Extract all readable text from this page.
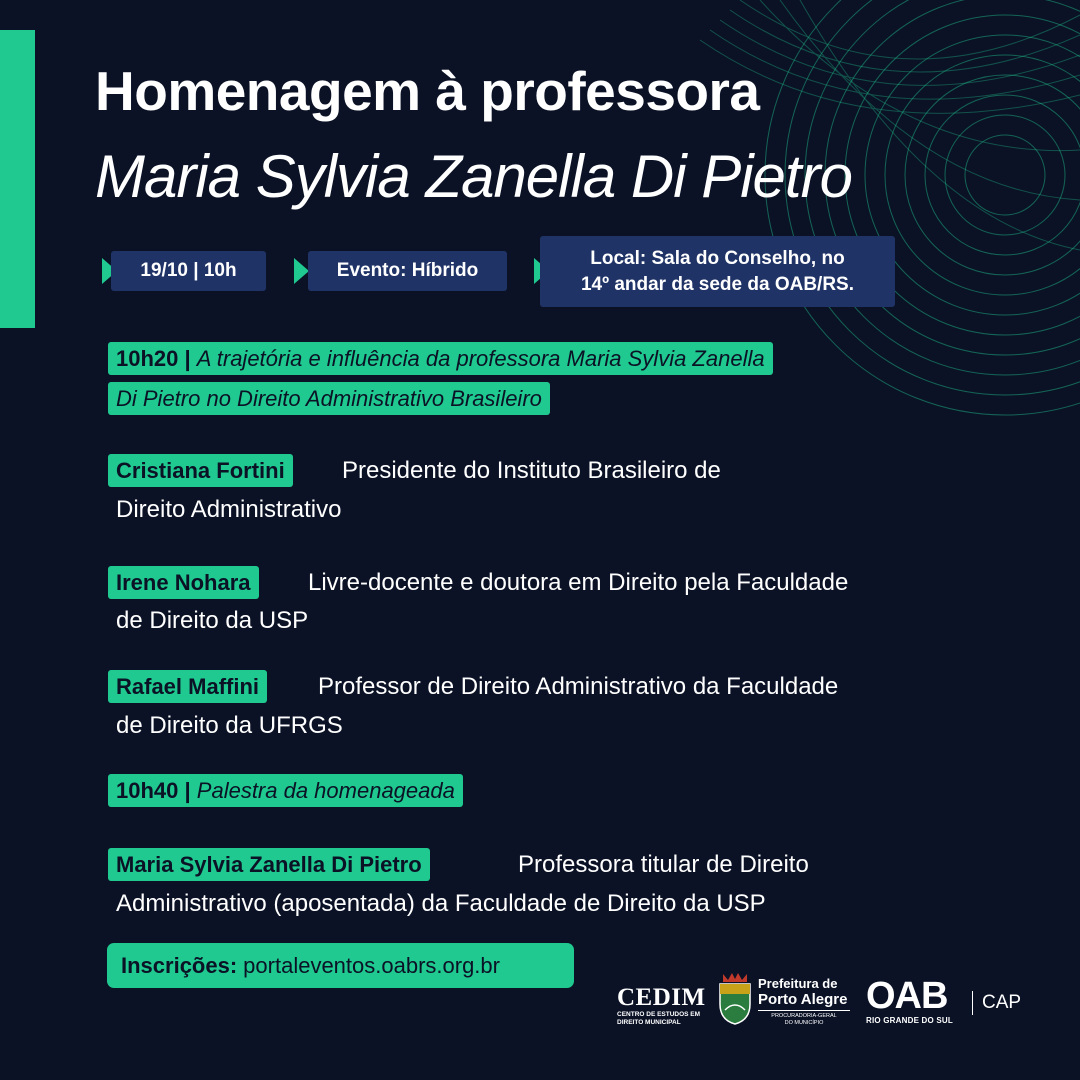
Homenagem à professora
Maria Sylvia Zanella Di Pietro
19/10 | 10h	Evento: Híbrido
Local: Sala do Conselho, no
14º andar da sede da OAB/RS.
10h20 | A trajetória e influência da professora Maria Sylvia Zanella
Di Pietro no Direito Administrativo Brasileiro
Cristiana Fortini	Presidente do Instituto Brasileiro de
Direito Administrativo
Irene Nohara	Livre-docente e doutora em Direito pela Faculdade
de Direito da USP
Rafael Maffini	Professor de Direito Administrativo da Faculdade
de Direito da UFRGS
10h40 | Palestra da homenageada
Maria Sylvia Zanella Di Pietro	Professora titular de Direito
Administrativo (aposentada) da Faculdade de Direito da USP
Inscrições: portaleventos.oabrs.org.br
CEDIM
CENTRO DE ESTUDOS EM
DIREITO MUNICIPAL
Prefeitura de
Porto Alegre
PROCURADORIA-GERAL
DO MUNICÍPIO
OAB
RIO GRANDE DO SUL
CAP
